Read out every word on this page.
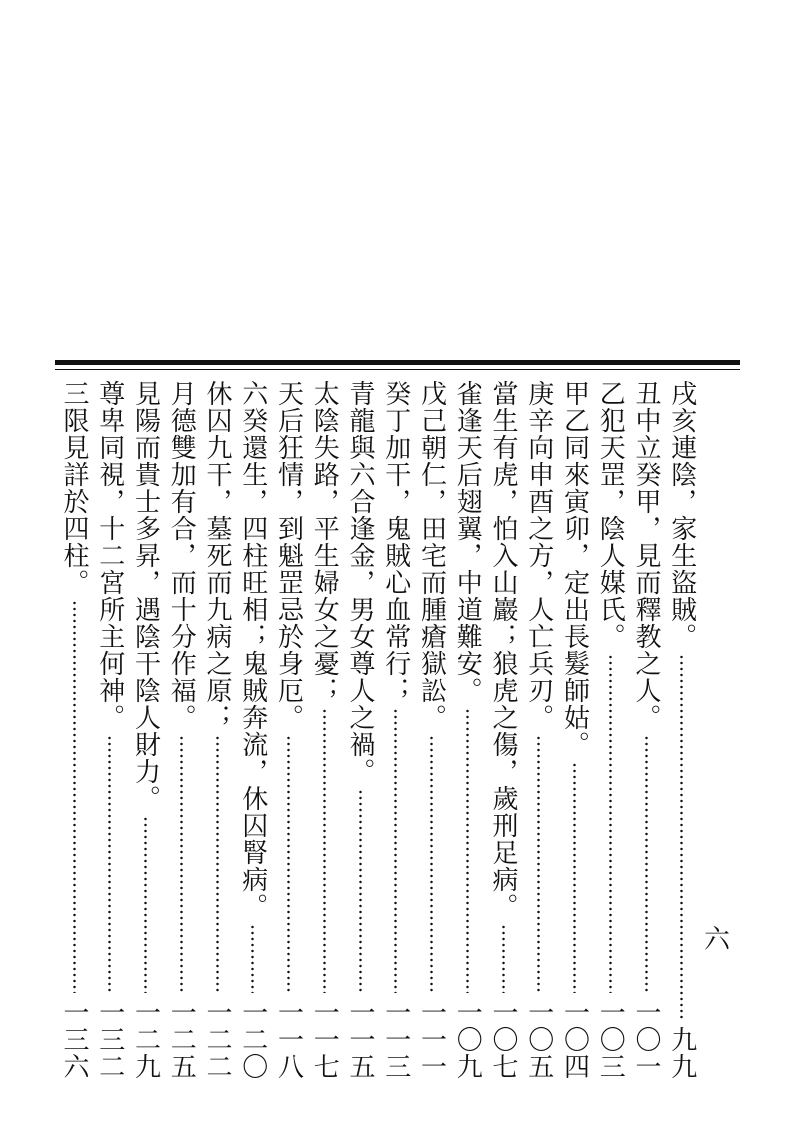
六
戌亥連陰，家生盜賊。
九九
丑中立癸甲，見而釋教之人。
一〇一
乙犯天罡，陰人媒氏。
一〇三
甲乙同來寅卯，定出長髮師姑。
一〇四
庚辛向申酉之方，人亡兵刃。
一〇五
當生有虎，怕入山巖；狼虎之傷，歲刑足病。
一〇七
雀逢天后翅翼，中道難安。
一〇九
戊己朝仁，田宅而腫瘡獄訟。
一一一
癸丁加干，鬼賊心血常行；
一一三
青龍與六合逢金，男女尊人之禍。
一一五
太陰失路，平生婦女之憂；
一一七
天后狂情，到魁罡忌於身厄。
一一八
六癸還生，四柱旺相；鬼賊奔流，休囚腎病。
一二〇
休囚九干，墓死而九病之原；
一二二
月德雙加有合，而十分作福。
一二五
見陽而貴士多昇，遇陰干陰人財力。
一二九
尊卑同視，十二宮所主何神。
一三二
三限見詳於四柱。
一三六
